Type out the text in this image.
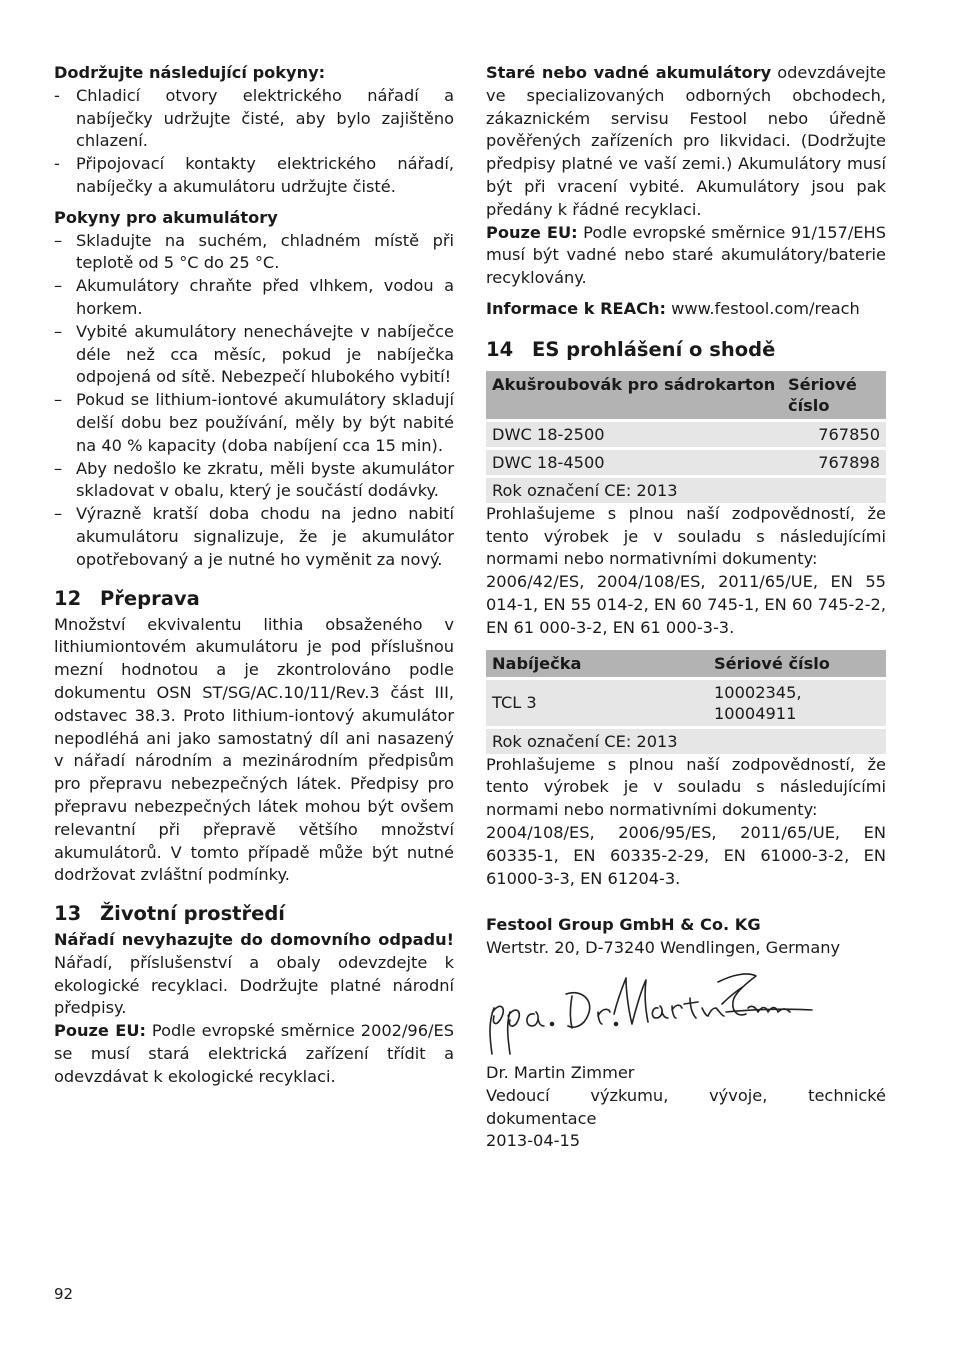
Dodržujte následující pokyny:

- Chladicí otvory elektrického nářadí a nabíječky udržujte čisté, aby bylo zajištěno chlazení.
- Připojovací kontakty elektrického nářadí, nabíječky a akumulátoru udržujte čisté.

Pokyny pro akumulátory

– Skladujte na suchém, chladném místě při teplotě od 5 °C do 25 °C.
– Akumulátory chraňte před vlhkem, vodou a horkem.
– Vybité akumulátory nenechávejte v nabíječce déle než cca měsíc, pokud je nabíječka odpojená od sítě. Nebezpečí hlubokého vybití!
– Pokud se lithium-iontové akumulátory skladují delší dobu bez používání, měly by být nabité na 40 % kapacity (doba nabíjení cca 15 min).
– Aby nedošlo ke zkratu, měli byste akumulátor skladovat v obalu, který je součástí dodávky.
– Výrazně kratší doba chodu na jedno nabití akumulátoru signalizuje, že je akumulátor opotřebovaný a je nutné ho vyměnit za nový.
12 Přeprava

Množství ekvivalentu lithia obsaženého v lithiumiontovém akumulátoru je pod příslušnou mezní hodnotou a je zkontrolováno podle dokumentu OSN ST/SG/AC.10/11/Rev.3 část III, odstavec 38.3. Proto lithium-iontový akumulátor nepodléhá ani jako samostatný díl ani nasazený v nářadí národním a mezinárodním předpisům pro přepravu nebezpečných látek. Předpisy pro přepravu nebezpečných látek mohou být ovšem relevantní při přepravě většího množství akumulátorů. V tomto případě může být nutné dodržovat zvláštní podmínky.

13 Životní prostředí

Nářadí nevyhazujte do domovního odpadu! Nářadí, příslušenství a obaly odevzdejte k ekologické recyklaci. Dodržujte platné národní předpisy.

Pouze EU: Podle evropské směrnice 2002/96/ES se musí stará elektrická zařízení třídit a odevzdávat k ekologické recyklaci.

Staré nebo vadné akumulátory odevzdávejte ve specializovaných odborných obchodech, zákaznickém servisu Festool nebo úředně pověřených zařízeních pro likvidaci. (Dodržujte předpisy platné ve vaší zemi.) Akumulátory musí být při vracení vybité. Akumulátory jsou pak předány k řádné recyklaci.

Pouze EU: Podle evropské směrnice 91/157/EHS musí být vadné nebo staré akumulátory/baterie recyklovány.

Informace k REACh: www.festool.com/reach

14 ES prohlášení o shodě
Akušroubovák pro sádrokarton	Sériové číslo
DWC 18-2500	767850
DWC 18-4500	767898
Rok označení CE: 2013	

Prohlašujeme s plnou naší zodpovědností, že tento výrobek je v souladu s následujícími normami nebo normativními dokumenty:

2006/42/ES, 2004/108/ES, 2011/65/UE, EN 55 014-1, EN 55 014-2, EN 60 745-1, EN 60 745-2-2, EN 61 000-3-2, EN 61 000-3-3.

Nabíječka	Sériové číslo
TCL 3	10002345, 10004911
Rok označení CE: 2013	

Prohlašujeme s plnou naší zodpovědností, že tento výrobek je v souladu s následujícími normami nebo normativními dokumenty:

2004/108/ES, 2006/95/ES, 2011/65/UE, EN 60335-1, EN 60335-2-29, EN 61000-3-2, EN 61000-3-3, EN 61204-3.

Festool Group GmbH & Co. KG

Wertstr. 20, D-73240 Wendlingen, Germany

Dr. Martin Zimmer

Vedoucí výzkumu, vývoje, technické dokumentace

2013-04-15

92
